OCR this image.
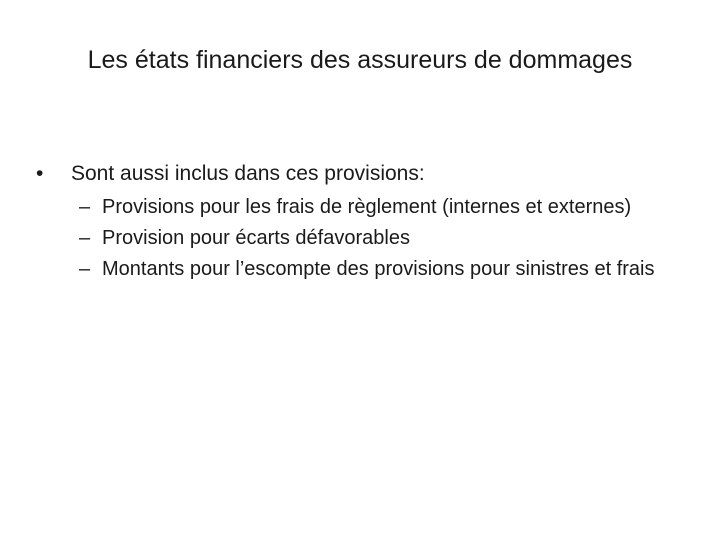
Les états financiers des assureurs de dommages
•	Sont aussi inclus dans ces provisions:
– Provisions pour les frais de règlement (internes et externes)
– Provision pour écarts défavorables
– Montants pour l’escompte des provisions pour sinistres et frais
